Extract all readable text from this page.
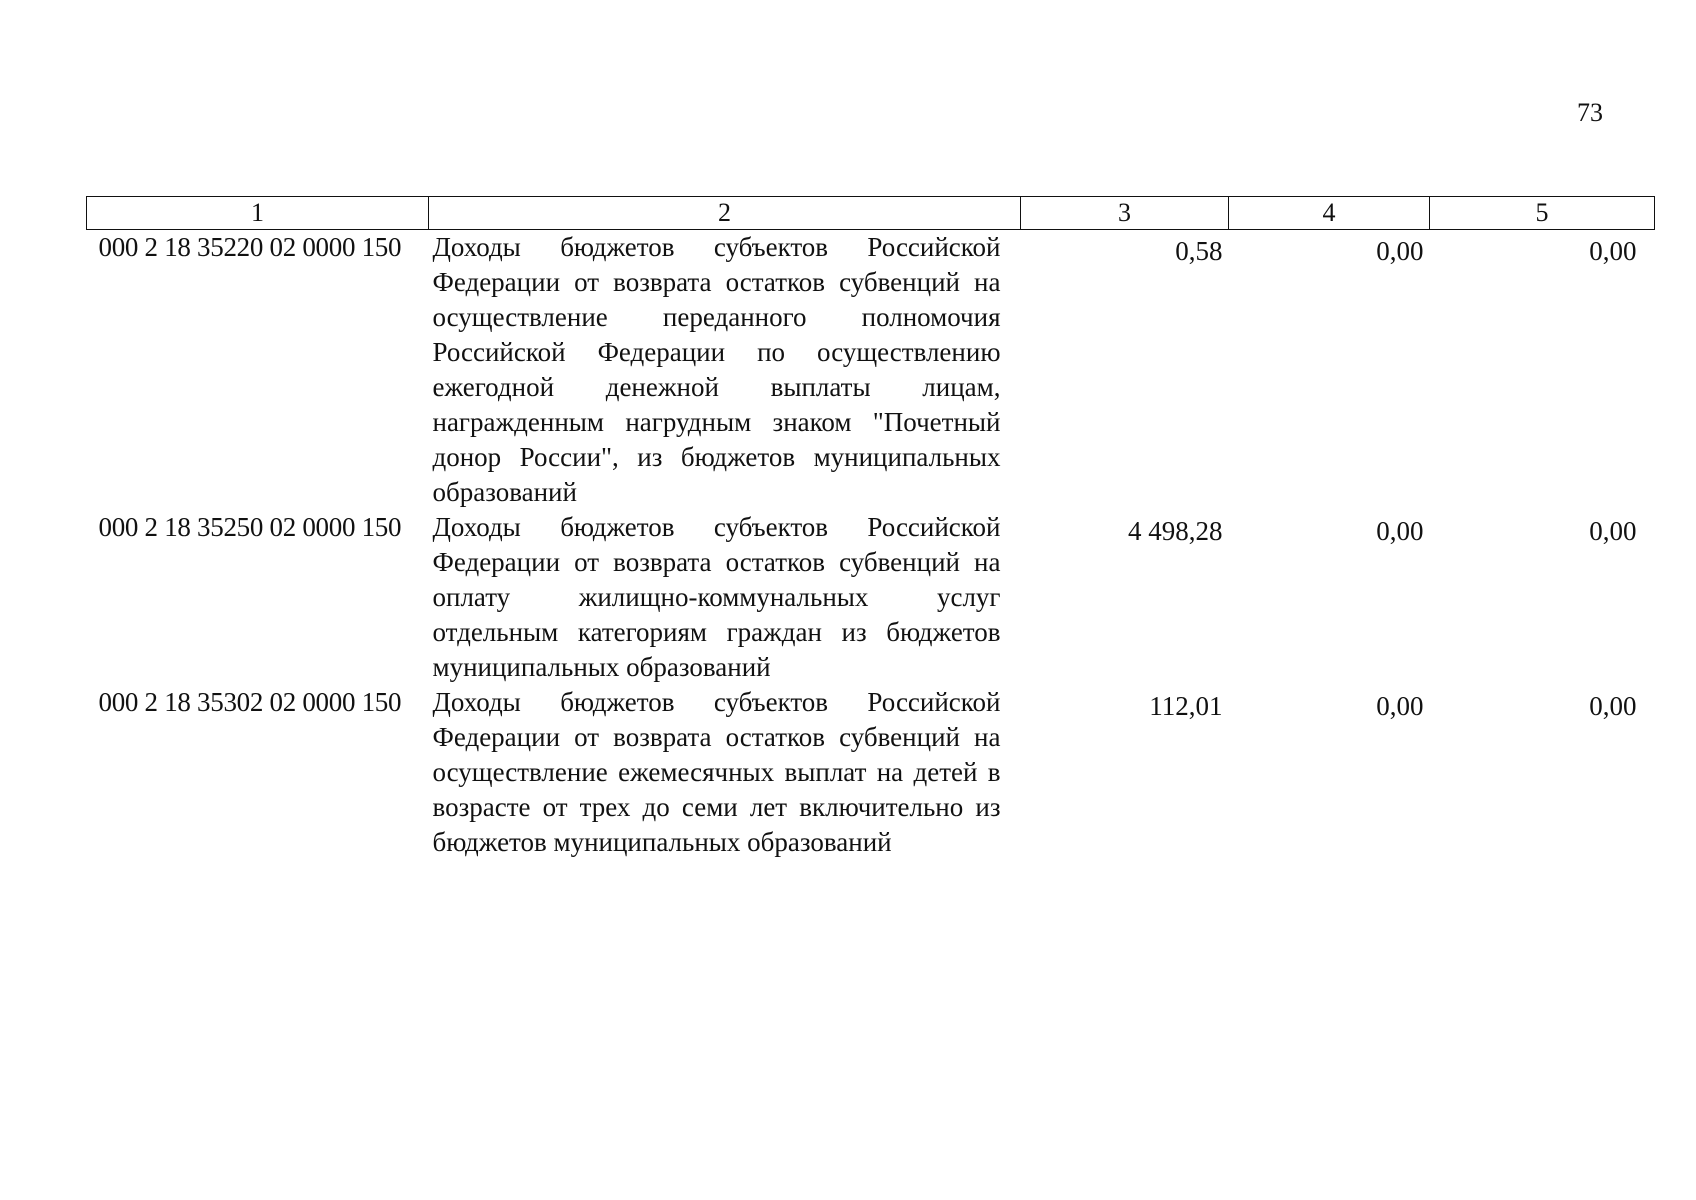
73
1	2	3	4	5
000 2 18 35220 02 0000 150	Доходы бюджетов субъектов Российской Федерации от возврата остатков субвенций на осуществление переданного полномочия Российской Федерации по осуществлению ежегодной денежной выплаты лицам, награжденным нагрудным знаком "Почетный донор России", из бюджетов муниципальных образований	0,58	0,00	0,00
000 2 18 35250 02 0000 150	Доходы бюджетов субъектов Российской Федерации от возврата остатков субвенций на оплату жилищно-коммунальных услуг отдельным категориям граждан из бюджетов муниципальных образований	4 498,28	0,00	0,00
000 2 18 35302 02 0000 150	Доходы бюджетов субъектов Российской Федерации от возврата остатков субвенций на осуществление ежемесячных выплат на детей в возрасте от трех до семи лет включительно из бюджетов муниципальных образований	112,01	0,00	0,00
